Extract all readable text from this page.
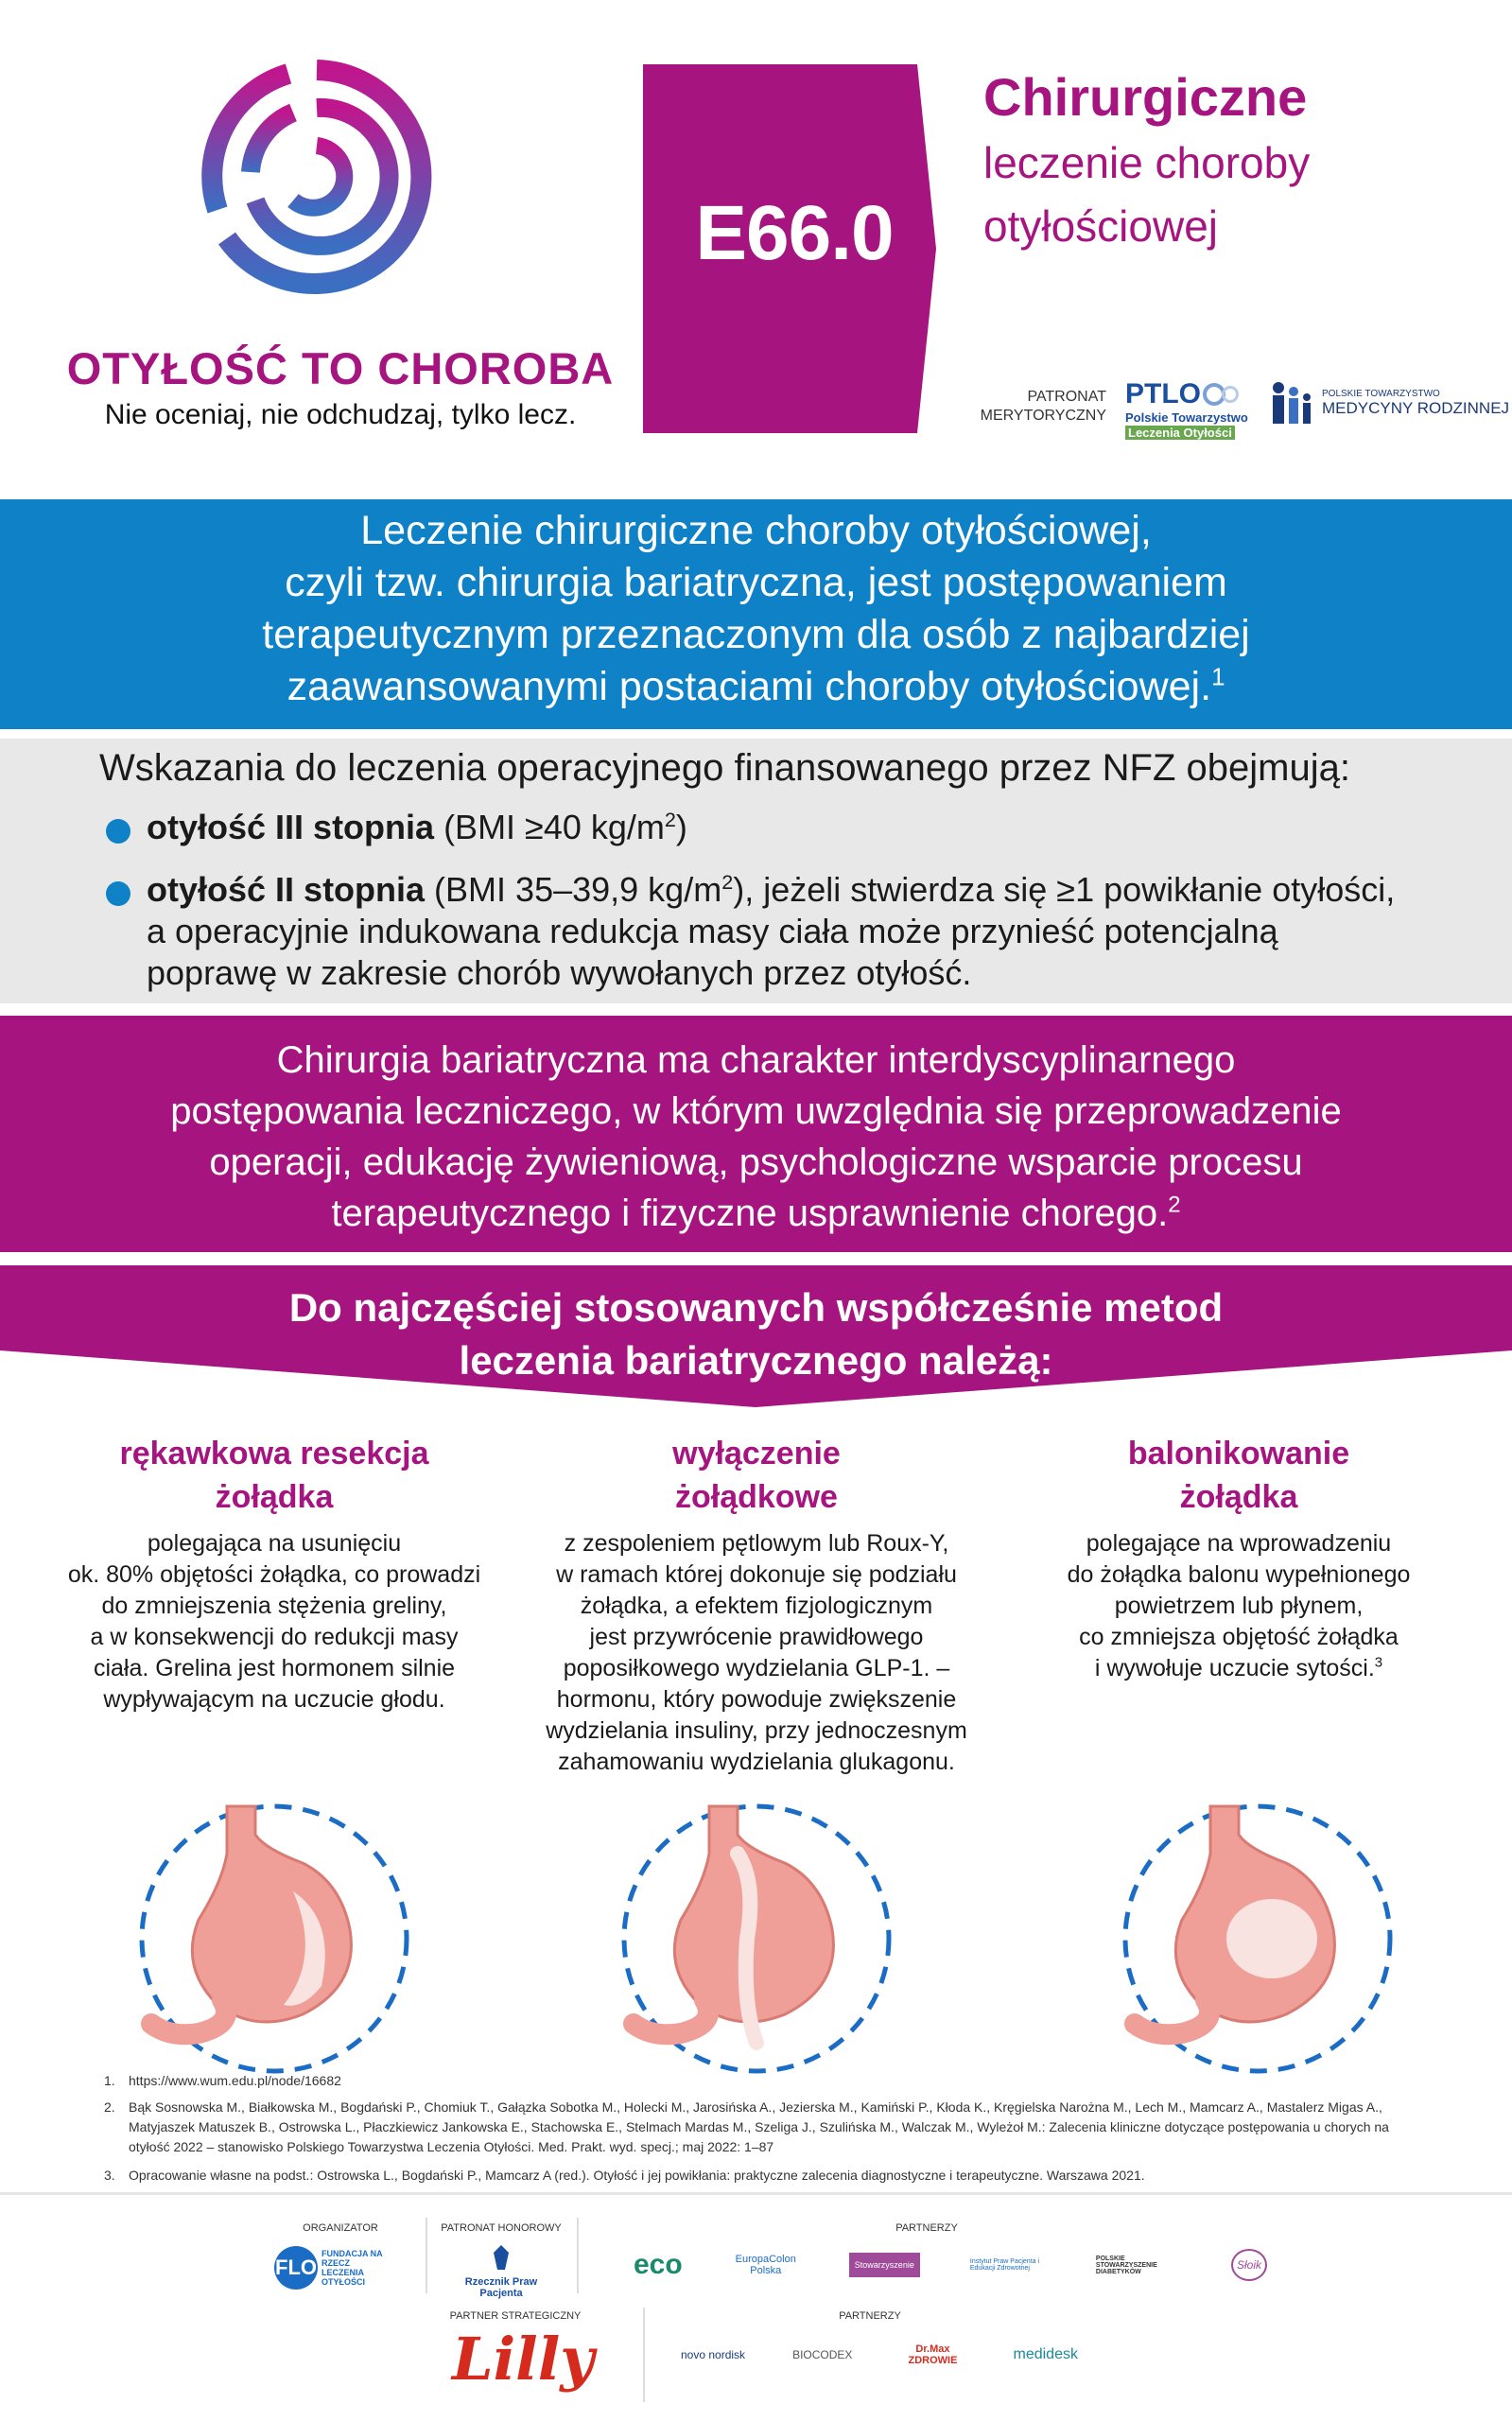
OTYŁOŚĆ TO CHOROBA
Nie oceniaj, nie odchudzaj, tylko lecz.
E66.0
Chirurgiczne
leczenie choroby
otyłościowej
PATRONAT
MERYTORYCZNY
PTLO
Polskie Towarzystwo
Leczenia Otyłości
POLSKIE TOWARZYSTWO
MEDYCYNY RODZINNEJ
Leczenie chirurgiczne choroby otyłościowej,
czyli tzw. chirurgia bariatryczna, jest postępowaniem
terapeutycznym przeznaczonym dla osób z najbardziej
zaawansowanymi postaciami choroby otyłościowej.$^1$
Wskazania do leczenia operacyjnego finansowanego przez NFZ obejmują:
otyłość III stopnia (BMI ≥40 $kg/m^2$)
otyłość II stopnia (BMI 35–39,9 $kg/m^2$), jeżeli stwierdza się ≥1 powikłanie otyłości,
a operacyjnie indukowana redukcja masy ciała może przynieść potencjalną
poprawę w zakresie chorób wywołanych przez otyłość.
Chirurgia bariatryczna ma charakter interdyscyplinarnego
postępowania leczniczego, w którym uwzględnia się przeprowadzenie
operacji, edukację żywieniową, psychologiczne wsparcie procesu
terapeutycznego i fizyczne usprawnienie chorego.$^2$
Do najczęściej stosowanych współcześnie metod
leczenia bariatrycznego należą:
rękawkowa resekcja
żołądka
polegająca na usunięciu
ok. 80% objętości żołądka, co prowadzi
do zmniejszenia stężenia greliny,
a w konsekwencji do redukcji masy
ciała. Grelina jest hormonem silnie
wypływającym na uczucie głodu.
wyłączenie
żołądkowe
z zespoleniem pętlowym lub Roux-Y,
w ramach której dokonuje się podziału
żołądka, a efektem fizjologicznym
jest przywrócenie prawidłowego
poposiłkowego wydzielania GLP-1. –
hormonu, który powoduje zwiększenie
wydzielania insuliny, przy jednoczesnym
zahamowaniu wydzielania glukagonu.
balonikowanie
żołądka
polegające na wprowadzeniu
do żołądka balonu wypełnionego
powietrzem lub płynem,
co zmniejsza objętość żołądka
i wywołuje uczucie sytości.$^3$
1. https://www.wum.edu.pl/node/16682
2.	Bąk Sosnowska M., Białkowska M., Bogdański P., Chomiuk T., Gałązka Sobotka M., Holecki M., Jarosińska A., Jezierska M., Kamiński P., Kłoda K., Kręgielska Narożna M., Lech M., Mamcarz A., Mastalerz Migas A.,
Matyjaszek Matuszek B., Ostrowska L., Płaczkiewicz Jankowska E., Stachowska E., Stelmach Mardas M., Szeliga J., Szulińska M., Walczak M., Wyleżoł M.: Zalecenia kliniczne dotyczące postępowania u chorych na
otyłość 2022 – stanowisko Polskiego Towarzystwa Leczenia Otyłości. Med. Prakt. wyd. specj.; maj 2022: 1–87
3. Opracowanie własne na podst.: Ostrowska L., Bogdański P., Mamcarz A (red.). Otyłość i jej powikłania: praktyczne zalecenia diagnostyczne i terapeutyczne. Warszawa 2021.
ORGANIZATOR
FLO
FUNDACJA NA RZECZ LECZENIA OTYŁOŚCI
PATRONAT HONOROWY
Rzecznik Praw Pacjenta
PARTNERZY
eco	EuropaColon Polska	Stowarzyszenie	Instytut Praw Pacjenta i Edukacji Zdrowotnej
POLSKIE STOWARZYSZENIE DIABETYKÓW	Słoik
PARTNER STRATEGICZNY
Lilly
PARTNERZY
novo nordisk	BIOCODEX	Dr.Max ZDROWIE	medidesk
